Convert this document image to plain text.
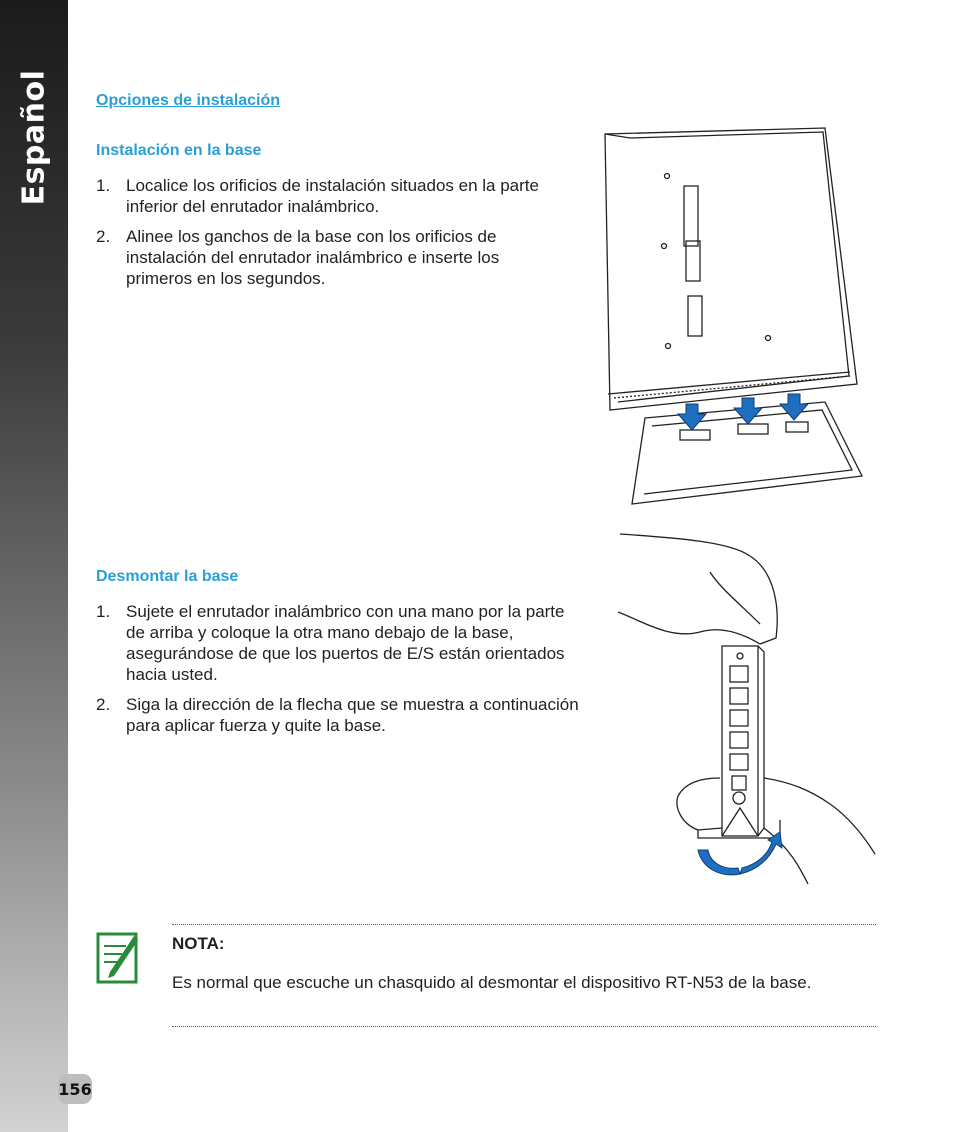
Español	Opciones de instalación
Instalación en la base
1. Localice los orificios de instalación situados en la parte inferior del enrutador inalámbrico.
2. Alinee los ganchos de la base con los orificios de instalación del enrutador inalámbrico e inserte los primeros en los segundos.
Desmontar la base
1. Sujete el enrutador inalámbrico con una mano por la parte de arriba y coloque la otra mano debajo de la base, asegurándose de que los puertos de E/S están orientados hacia usted.
2. Siga la dirección de la flecha que se muestra a continuación para aplicar fuerza y quite la base.
NOTA:
Es normal que escuche un chasquido al desmontar el dispositivo RT-N53 de la base.
156
